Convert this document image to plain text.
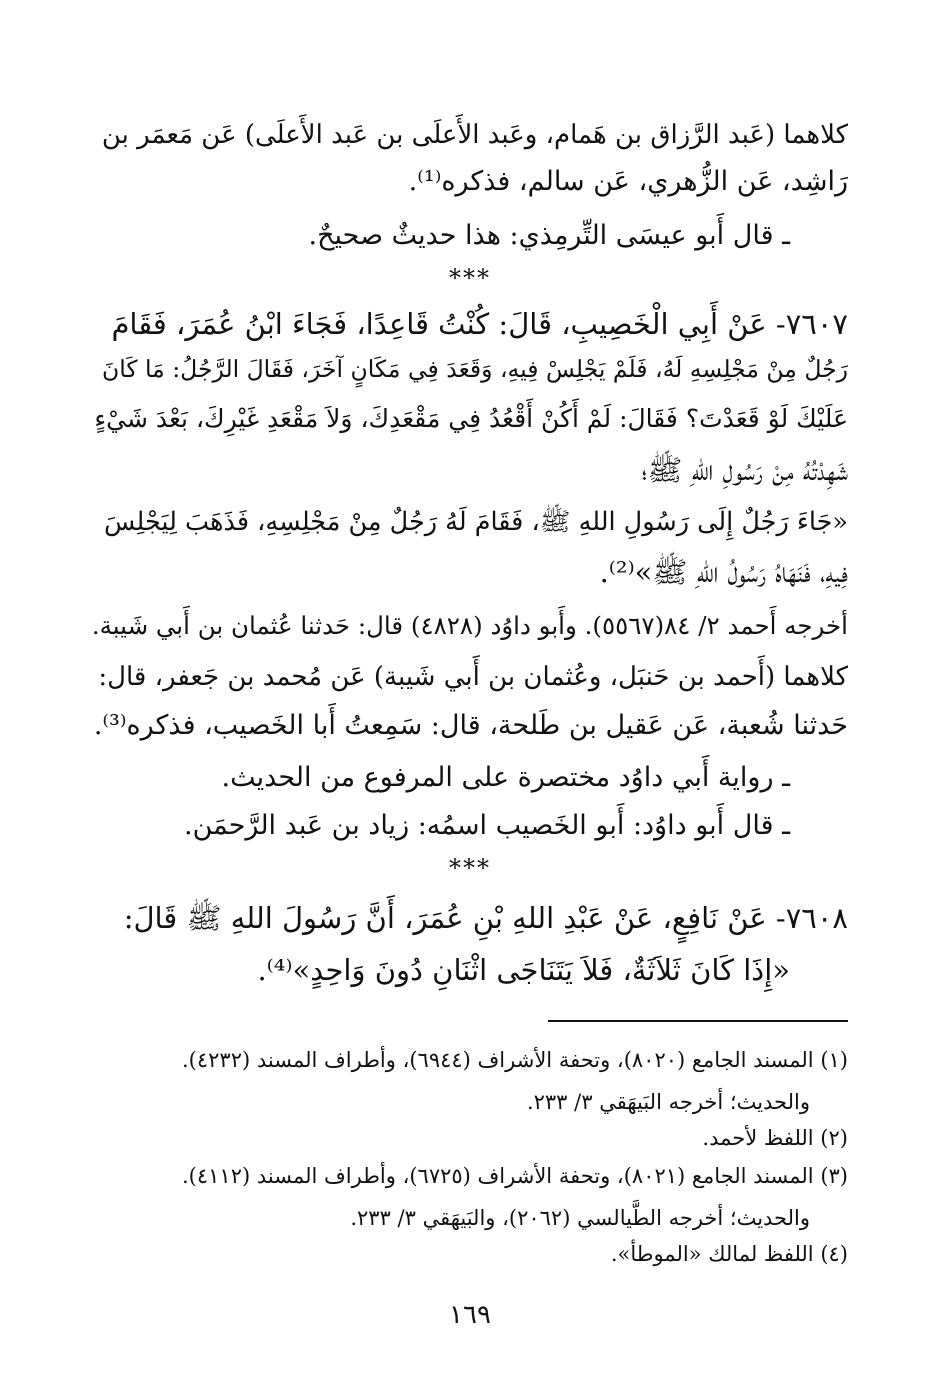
كلاهما (عَبد الرَّزاق بن هَمام، وعَبد الأَعلَى بن عَبد الأَعلَى) عَن مَعمَر بن
رَاشِد، عَن الزُّهري، عَن سالم، فذكره⁽¹⁾.
ـ قال أَبو عيسَى التِّرمِذي: هذا حديثٌ صحيحٌ.
***
٧٦٠٧- عَنْ أَبِي الْخَصِيبِ، قَالَ: كُنْتُ قَاعِدًا، فَجَاءَ ابْنُ عُمَرَ، فَقَامَ
رَجُلٌ مِنْ مَجْلِسِهِ لَهُ، فَلَمْ يَجْلِسْ فِيهِ، وَقَعَدَ فِي مَكَانٍ آخَرَ، فَقَالَ الرَّجُلُ: مَا كَانَ
عَلَيْكَ لَوْ قَعَدْتَ؟ فَقَالَ: لَمْ أَكُنْ أَقْعُدُ فِي مَقْعَدِكَ، وَلاَ مَقْعَدِ غَيْرِكَ، بَعْدَ شَيْءٍ
شَهِدْتُهُ مِنْ رَسُولِ اللهِ ﷺ؛
«جَاءَ رَجُلٌ إِلَى رَسُولِ اللهِ ﷺ، فَقَامَ لَهُ رَجُلٌ مِنْ مَجْلِسِهِ، فَذَهَبَ لِيَجْلِسَ
فِيهِ، فَنَهَاهُ رَسُولُ اللهِ ﷺ»⁽²⁾.
أخرجه أَحمد ٢/ ٨٤(٥٥٦٧). وأَبو داوُد (٤٨٢٨) قال: حَدثنا عُثمان بن أَبي شَيبة.
كلاهما (أَحمد بن حَنبَل، وعُثمان بن أَبي شَيبة) عَن مُحمد بن جَعفر، قال:
حَدثنا شُعبة، عَن عَقيل بن طَلحة، قال: سَمِعتُ أَبا الخَصيب، فذكره⁽³⁾.
ـ رواية أَبي داوُد مختصرة على المرفوع من الحديث.
ـ قال أَبو داوُد: أَبو الخَصيب اسمُه: زياد بن عَبد الرَّحمَن.
***
٧٦٠٨- عَنْ نَافِعٍ، عَنْ عَبْدِ اللهِ بْنِ عُمَرَ، أَنَّ رَسُولَ اللهِ ﷺ قَالَ:
«إِذَا كَانَ ثَلاَثَةٌ، فَلاَ يَتَنَاجَى اثْنَانِ دُونَ وَاحِدٍ»⁽⁴⁾.
(١) المسند الجامع (٨٠٢٠)، وتحفة الأشراف (٦٩٤٤)، وأطراف المسند (٤٢٣٢).
والحديث؛ أخرجه البَيهَقي ٣/ ٢٣٣.
(٢) اللفظ لأحمد.
(٣) المسند الجامع (٨٠٢١)، وتحفة الأشراف (٦٧٢٥)، وأطراف المسند (٤١١٢).
والحديث؛ أخرجه الطَّيالسي (٢٠٦٢)، والبَيهَقي ٣/ ٢٣٣.
(٤) اللفظ لمالك «الموطأ».
١٦٩
